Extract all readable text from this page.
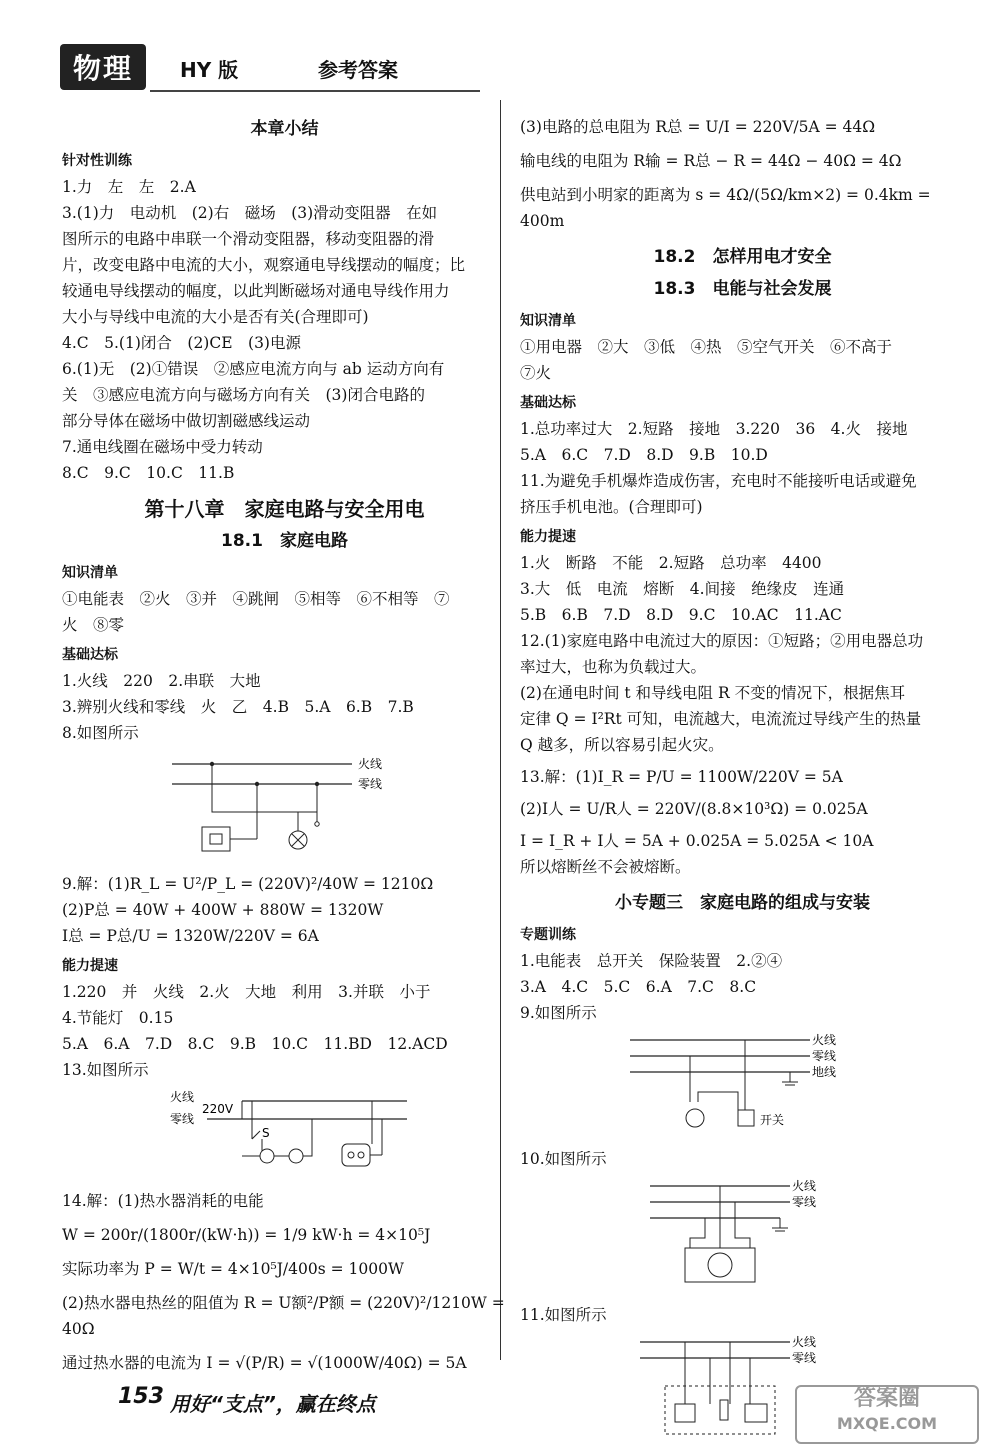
物理	HY 版	参考答案
本章小结
针对性训练

1.力　左　左　2.A

3.(1)力　电动机　(2)右　磁场　(3)滑动变阻器　在如

图所示的电路中串联一个滑动变阻器，移动变阻器的滑

片，改变电路中电流的大小，观察通电导线摆动的幅度；比

较通电导线摆动的幅度，以此判断磁场对通电导线作用力

大小与导线中电流的大小是否有关(合理即可)

4.C　5.(1)闭合　(2)CE　(3)电源

6.(1)无　(2)①错误　②感应电流方向与 ab 运动方向有

关　③感应电流方向与磁场方向有关　(3)闭合电路的

部分导体在磁场中做切割磁感线运动

7.通电线圈在磁场中受力转动

8.C　9.C　10.C　11.B

第十八章　家庭电路与安全用电
18.1　家庭电路
知识清单

①电能表　②火　③并　④跳闸　⑤相等　⑥不相等　⑦

火　⑧零

基础达标

1.火线　220　2.串联　大地

3.辨别火线和零线　火　乙　4.B　5.A　6.B　7.B

8.如图所示

火线
零线

9.解：(1)R_L = U²/P_L = (220V)²/40W = 1210Ω

(2)P总 = 40W + 400W + 880W = 1320W

I总 = P总/U = 1320W/220V = 6A

能力提速

1.220　并　火线　2.火　大地　利用　3.并联　小于

4.节能灯　0.15

5.A　6.A　7.D　8.C　9.B　10.C　11.BD　12.ACD

13.如图所示

火线
零线
220V
S

14.解：(1)热水器消耗的电能

W = 200r/(1800r/(kW·h)) = 1/9 kW·h = 4×10⁵J

实际功率为 P = W/t = 4×10⁵J/400s = 1000W

(2)热水器电热丝的阻值为 R = U额²/P额 = (220V)²/1210W = 40Ω

通过热水器的电流为 I = √(P/R) = √(1000W/40Ω) = 5A

(3)电路的总电阻为 R总 = U/I = 220V/5A = 44Ω

输电线的电阻为 R输 = R总 − R = 44Ω − 40Ω = 4Ω

供电站到小明家的距离为 s = 4Ω/(5Ω/km×2) = 0.4km = 400m

18.2　怎样用电才安全
18.3　电能与社会发展
知识清单

①用电器　②大　③低　④热　⑤空气开关　⑥不高于

⑦火

基础达标

1.总功率过大　2.短路　接地　3.220　36　4.火　接地

5.A　6.C　7.D　8.D　9.B　10.D

11.为避免手机爆炸造成伤害，充电时不能接听电话或避免

挤压手机电池。(合理即可)

能力提速

1.火　断路　不能　2.短路　总功率　4400

3.大　低　电流　熔断　4.间接　绝缘皮　连通

5.B　6.B　7.D　8.D　9.C　10.AC　11.AC

12.(1)家庭电路中电流过大的原因：①短路；②用电器总功

率过大，也称为负载过大。

(2)在通电时间 t 和导线电阻 R 不变的情况下，根据焦耳

定律 Q = I²Rt 可知，电流越大，电流流过导线产生的热量

Q 越多，所以容易引起火灾。

13.解：(1)I_R = P/U = 1100W/220V = 5A

(2)I人 = U/R人 = 220V/(8.8×10³Ω) = 0.025A

I = I_R + I人 = 5A + 0.025A = 5.025A < 10A

所以熔断丝不会被熔断。

小专题三　家庭电路的组成与安装
专题训练

1.电能表　总开关　保险装置　2.②④

3.A　4.C　5.C　6.A　7.C　8.C

9.如图所示

火线
零线
地线
开关

10.如图所示

火线
零线

11.如图所示

火线
零线
153 用好“支点”，赢在终点	答案圈
MXQE.COM
